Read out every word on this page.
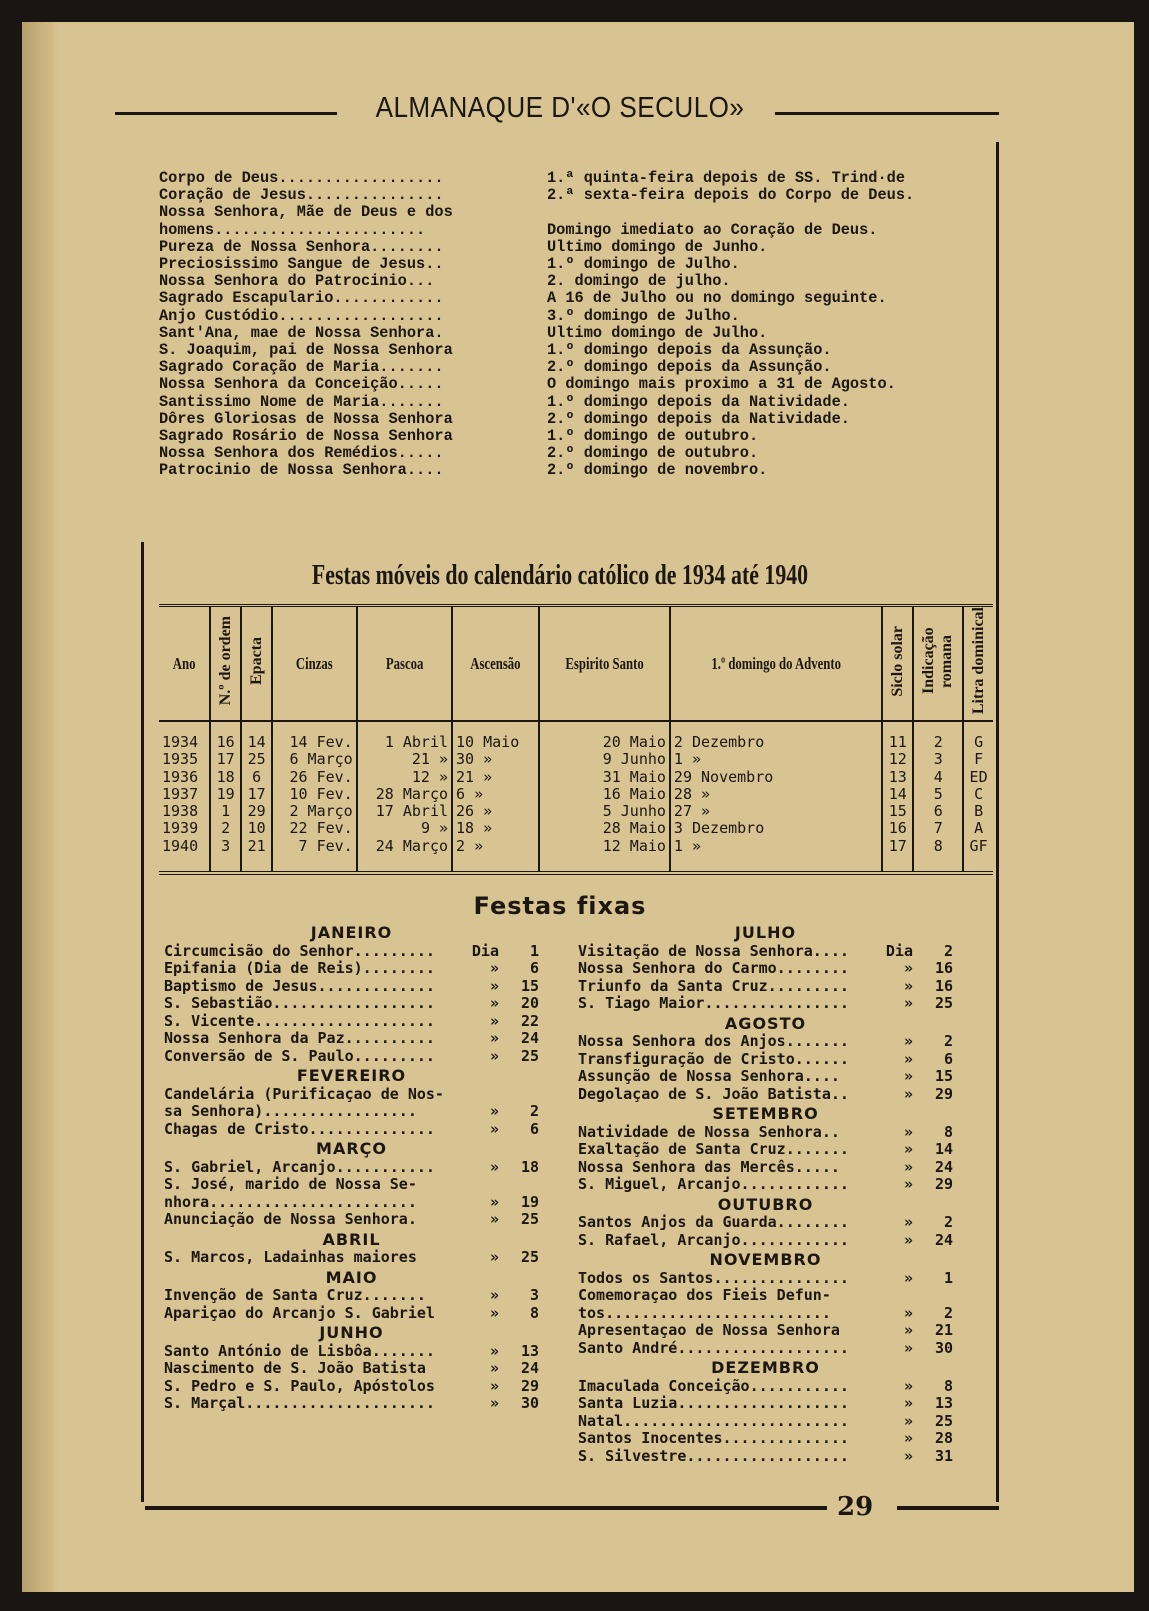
ALMANAQUE D'«O SECULO»
Corpo de Deus..................	1.ª quinta-feira depois de SS. Trind·de
Coração de Jesus...............	2.ª sexta-feira depois do Corpo de Deus.
Nossa Senhora, Mãe de Deus e dos
homens.......................	Domingo imediato ao Coração de Deus.
Pureza de Nossa Senhora........	Ultimo domingo de Junho.
Preciosissimo Sangue de Jesus..	1.º domingo de Julho.
Nossa Senhora do Patrocinio...	2. domingo de julho.
Sagrado Escapulario............	A 16 de Julho ou no domingo seguinte.
Anjo Custódio..................	3.º domingo de Julho.
Sant'Ana, mae de Nossa Senhora.	Ultimo domingo de Julho.
S. Joaquim, pai de Nossa Senhora	1.º domingo depois da Assunção.
Sagrado Coração de Maria.......	2.º domingo depois da Assunção.
Nossa Senhora da Conceição.....	O domingo mais proximo a 31 de Agosto.
Santissimo Nome de Maria.......	1.º domingo depois da Natividade.
Dôres Gloriosas de Nossa Senhora	2.º domingo depois da Natividade.
Sagrado Rosário de Nossa Senhora	1.º domingo de outubro.
Nossa Senhora dos Remédios.....	2.º domingo de outubro.
Patrocinio de Nossa Senhora....	2.º domingo de novembro.
Festas móveis do calendário católico de 1934 até 1940
Ano	N.º de ordem	Epacta	Cinzas	Pascoa	Ascensão	Espirito Santo	1.º domingo do Advento	Siclo solar	Indicação romana	Litra dominical

1934	16	14	14 Fev.	1 Abril	10 Maio	20 Maio	2 Dezembro	11	2	G
1935	17	25	6 Março	21 »	30 »	9 Junho	1 »	12	3	F
1936	18	6	26 Fev.	12 »	21 »	31 Maio	29 Novembro	13	4	ED
1937	19	17	10 Fev.	28 Março	6 »	16 Maio	28 »	14	5	C
1938	1	29	2 Março	17 Abril	26 »	5 Junho	27 »	15	6	B
1939	2	10	22 Fev.	9 »	18 »	28 Maio	3 Dezembro	16	7	A
1940	3	21	7 Fev.	24 Março	2 »	12 Maio	1 »	17	8	GF
Festas fixas
JANEIRO
Circumcisão do Senhor.........	Dia	1
Epifania (Dia de Reis)........	»	6
Baptismo de Jesus.............	»	15
S. Sebastião..................	»	20
S. Vicente....................	»	22
Nossa Senhora da Paz..........	»	24
Conversão de S. Paulo.........	»	25
FEVEREIRO
Candelária (Purificaçao de Nos-
sa Senhora).................	»	2
Chagas de Cristo..............	»	6
MARÇO
S. Gabriel, Arcanjo...........	»	18
S. José, marido de Nossa Se-
nhora.......................	»	19
Anunciação de Nossa Senhora.	»	25
ABRIL
S. Marcos, Ladainhas maiores	»	25
MAIO
Invenção de Santa Cruz.......	»	3
Apariçao do Arcanjo S. Gabriel	»	8
JUNHO
Santo António de Lisbôa.......	»	13
Nascimento de S. João Batista	»	24
S. Pedro e S. Paulo, Apóstolos	»	29
S. Marçal.....................	»	30
JULHO
Visitação de Nossa Senhora....	Dia	2
Nossa Senhora do Carmo........	»	16
Triunfo da Santa Cruz.........	»	16
S. Tiago Maior................	»	25
AGOSTO
Nossa Senhora dos Anjos.......	»	2
Transfiguração de Cristo......	»	6
Assunção de Nossa Senhora....	»	15
Degolaçao de S. João Batista..	»	29
SETEMBRO
Natividade de Nossa Senhora..	»	8
Exaltação de Santa Cruz.......	»	14
Nossa Senhora das Mercês.....	»	24
S. Miguel, Arcanjo............	»	29
OUTUBRO
Santos Anjos da Guarda........	»	2
S. Rafael, Arcanjo............	»	24
NOVEMBRO
Todos os Santos...............	»	1
Comemoraçao dos Fieis Defun-
tos.........................	»	2
Apresentaçao de Nossa Senhora	»	21
Santo André...................	»	30
DEZEMBRO
Imaculada Conceição...........	»	8
Santa Luzia...................	»	13
Natal.........................	»	25
Santos Inocentes..............	»	28
S. Silvestre..................	»	31
29
